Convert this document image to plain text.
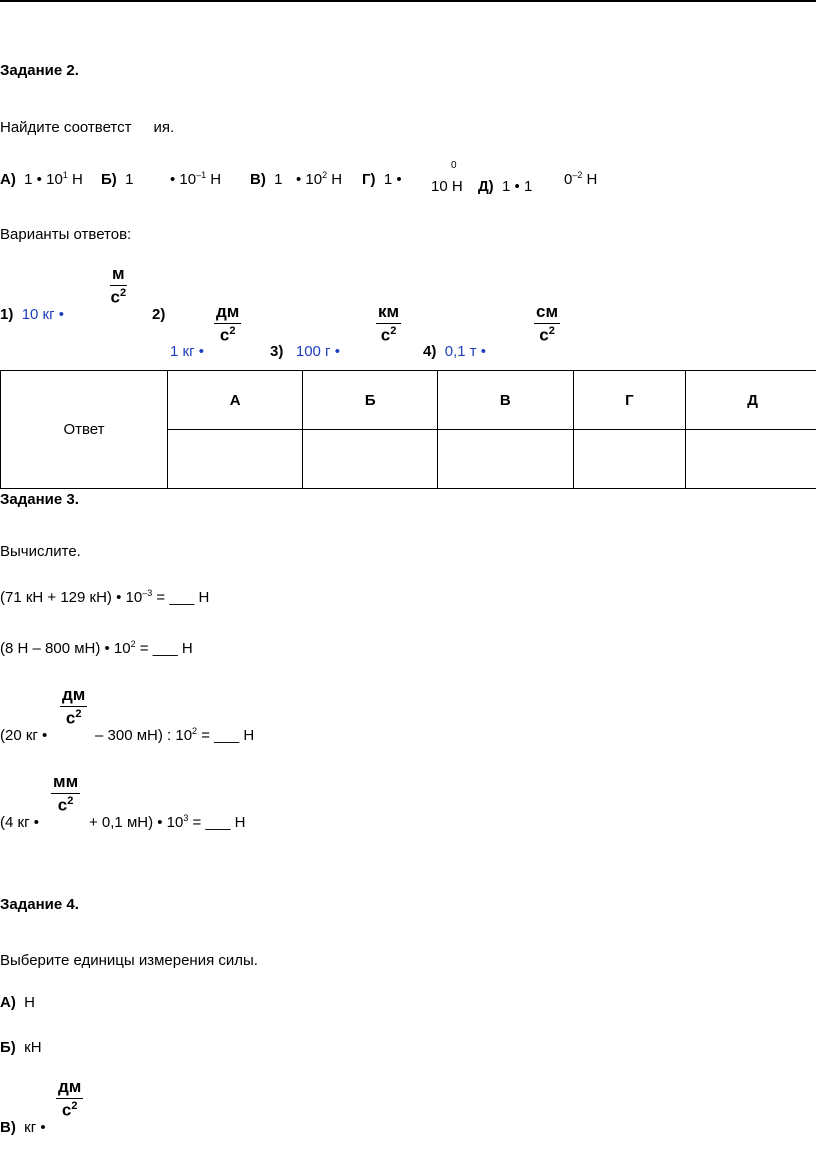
Задание 2.
Найдите соответст ия.
А) 1 • $10^1$ Н Б) 1 • $10^{-1}$ Н В) 1 • $10^2$ Н Г) 1 •
0
10 Н Д) 1 • 1 $0^{-2}$ Н
Варианты ответов:
1) 10 кг •
м
$с^2$
2)
1 кг •
дм
$с^2$
3) 100 г •
км
$с^2$
4) 0,1 т •
см
$с^2$
Ответ	А	Б	В	Г	Д

Задание 3.
Вычислите.
(71 кН + 129 кН) • $10^{-3}$ = ___ Н
(8 Н – 800 мН) • $10^2$ = ___ Н
(20 кг •
дм
$с^2$
– 300 мН) : $10^2$ = ___ Н
(4 кг •
мм
$с^2$
+ 0,1 мН) • $10^3$ = ___ Н
Задание 4.
Выберите единицы измерения силы.
А) Н
Б) кН
В) кг •
дм
$с^2$
